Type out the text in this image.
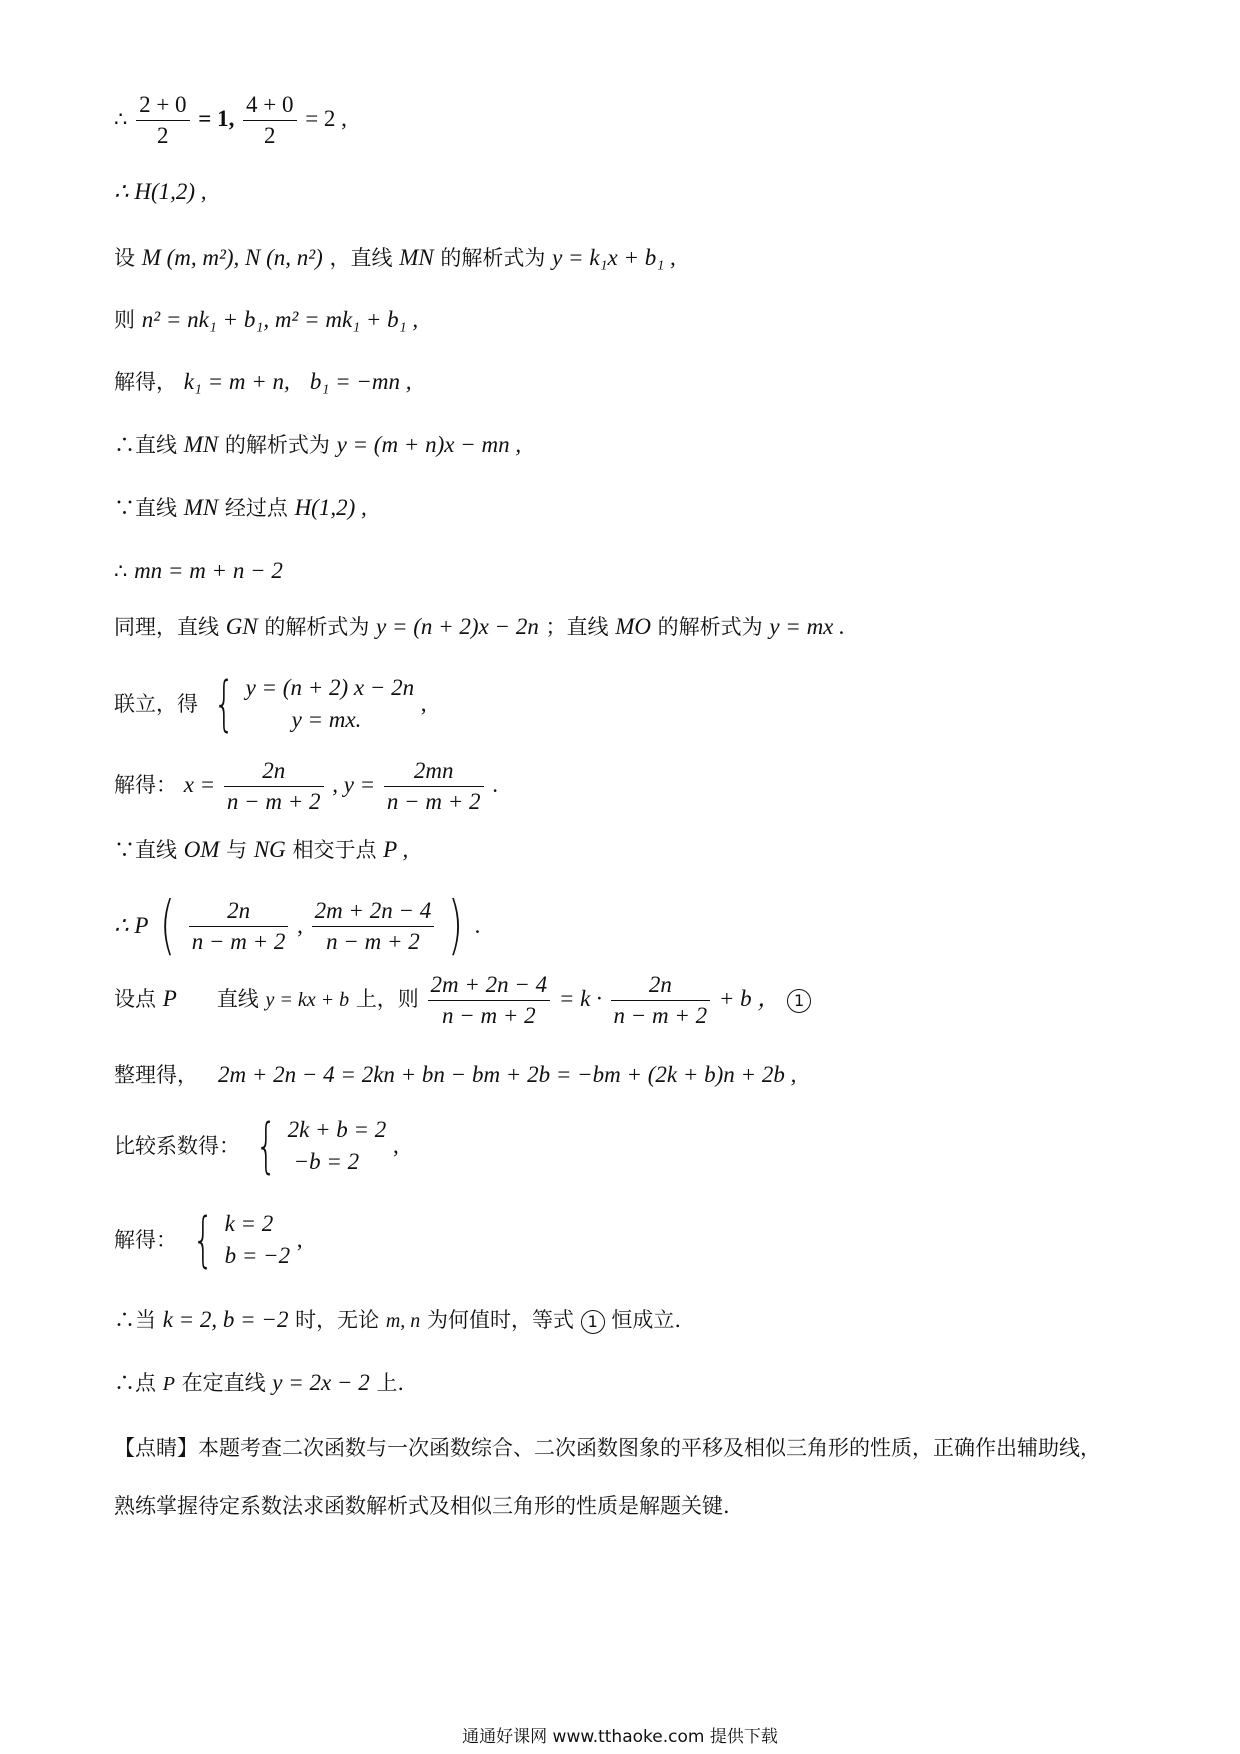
∴ $\frac{2 + 0}{2} = 1$, $\frac{4 + 0}{2} = 2$ ,
∴ H(1,2) ,
设 M (m, m²), N (n, n²) ，直线 MN 的解析式为 y = k₁x + b₁ ,
则 n² = nk₁ + b₁, m² = mk₁ + b₁ ,
解得， k₁ = m + n, b₁ = −mn ,
∴直线 MN 的解析式为 y = (m + n)x − mn ,
∵直线 MN 经过点 H(1,2) ,
∴ mn = m + n − 2
同理，直线 GN 的解析式为 y = (n + 2)x − 2n ；直线 MO 的解析式为 y = mx .
联立，得 { y = (n + 2) x − 2n
y = mx.
,
解得： $x = \frac{2n}{n - m + 2}$ , $y = \frac{2mn}{n - m + 2}$ .
∵直线 OM 与 NG 相交于点 P ,
∴ P ( $\frac{2n}{n - m + 2}$ , $\frac{2m + 2n - 4}{n - m + 2}$ ) .
设点 P 直线 y = kx + b 上，则 $\frac{2m + 2n - 4}{n - m + 2} = k \cdot \frac{2n}{n - m + 2} + b$ ， 1
整理得， 2m + 2n − 4 = 2kn + bn − bm + 2b = −bm + (2k + b)n + 2b ,
比较系数得： { 2k + b = 2
−b = 2
,
解得： { k = 2
b = −2
,
∴当 k = 2, b = −2 时，无论 m, n 为何值时，等式 1 恒成立.
∴点 P 在定直线 y = 2x − 2 上.
【点睛】本题考查二次函数与一次函数综合、二次函数图象的平移及相似三角形的性质，正确作出辅助线，
熟练掌握待定系数法求函数解析式及相似三角形的性质是解题关键.
通通好课网 www.tthaoke.com 提供下载
